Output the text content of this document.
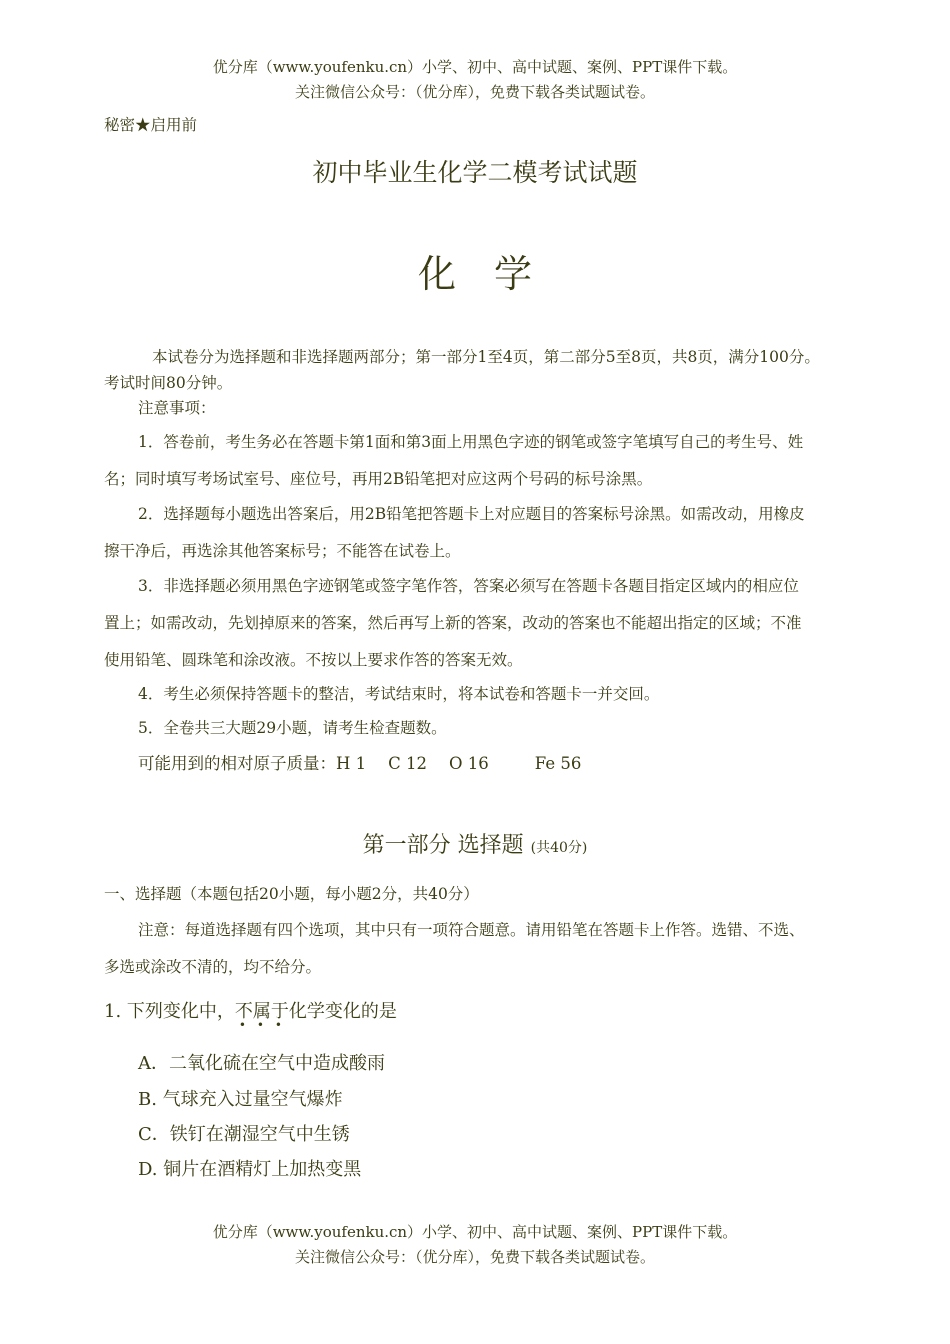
优分库（www.youfenku.cn）小学、初中、高中试题、案例、PPT课件下载。
关注微信公众号：（优分库），免费下载各类试题试卷。
秘密★启用前
初中毕业生化学二模考试试题
化学
本试卷分为选择题和非选择题两部分；第一部分1至4页，第二部分5至8页，共8页，满分100分。
考试时间80分钟。
注意事项：
1．答卷前，考生务必在答题卡第1面和第3面上用黑色字迹的钢笔或签字笔填写自己的考生号、姓
名；同时填写考场试室号、座位号，再用2B铅笔把对应这两个号码的标号涂黑。
2．选择题每小题选出答案后，用2B铅笔把答题卡上对应题目的答案标号涂黑。如需改动，用橡皮
擦干净后，再选涂其他答案标号；不能答在试卷上。
3．非选择题必须用黑色字迹钢笔或签字笔作答，答案必须写在答题卡各题目指定区域内的相应位
置上；如需改动，先划掉原来的答案，然后再写上新的答案，改动的答案也不能超出指定的区域；不准
使用铅笔、圆珠笔和涂改液。不按以上要求作答的答案无效。
4．考生必须保持答题卡的整洁，考试结束时，将本试卷和答题卡一并交回。
5．全卷共三大题29小题，请考生检查题数。
可能用到的相对原子质量：H 1 C 12 O 16	Fe 56
第一部分 选择题 (共40分)
一、选择题（本题包括20小题，每小题2分，共40分）
注意：每道选择题有四个选项，其中只有一项符合题意。请用铅笔在答题卡上作答。选错、不选、
多选或涂改不清的，均不给分。
1. 下列变化中，不属于
• • •
化学变化的是
A．二氧化硫在空气中造成酸雨
B. 气球充入过量空气爆炸
C．铁钉在潮湿空气中生锈
D. 铜片在酒精灯上加热变黑
优分库（www.youfenku.cn）小学、初中、高中试题、案例、PPT课件下载。
关注微信公众号：（优分库），免费下载各类试题试卷。
